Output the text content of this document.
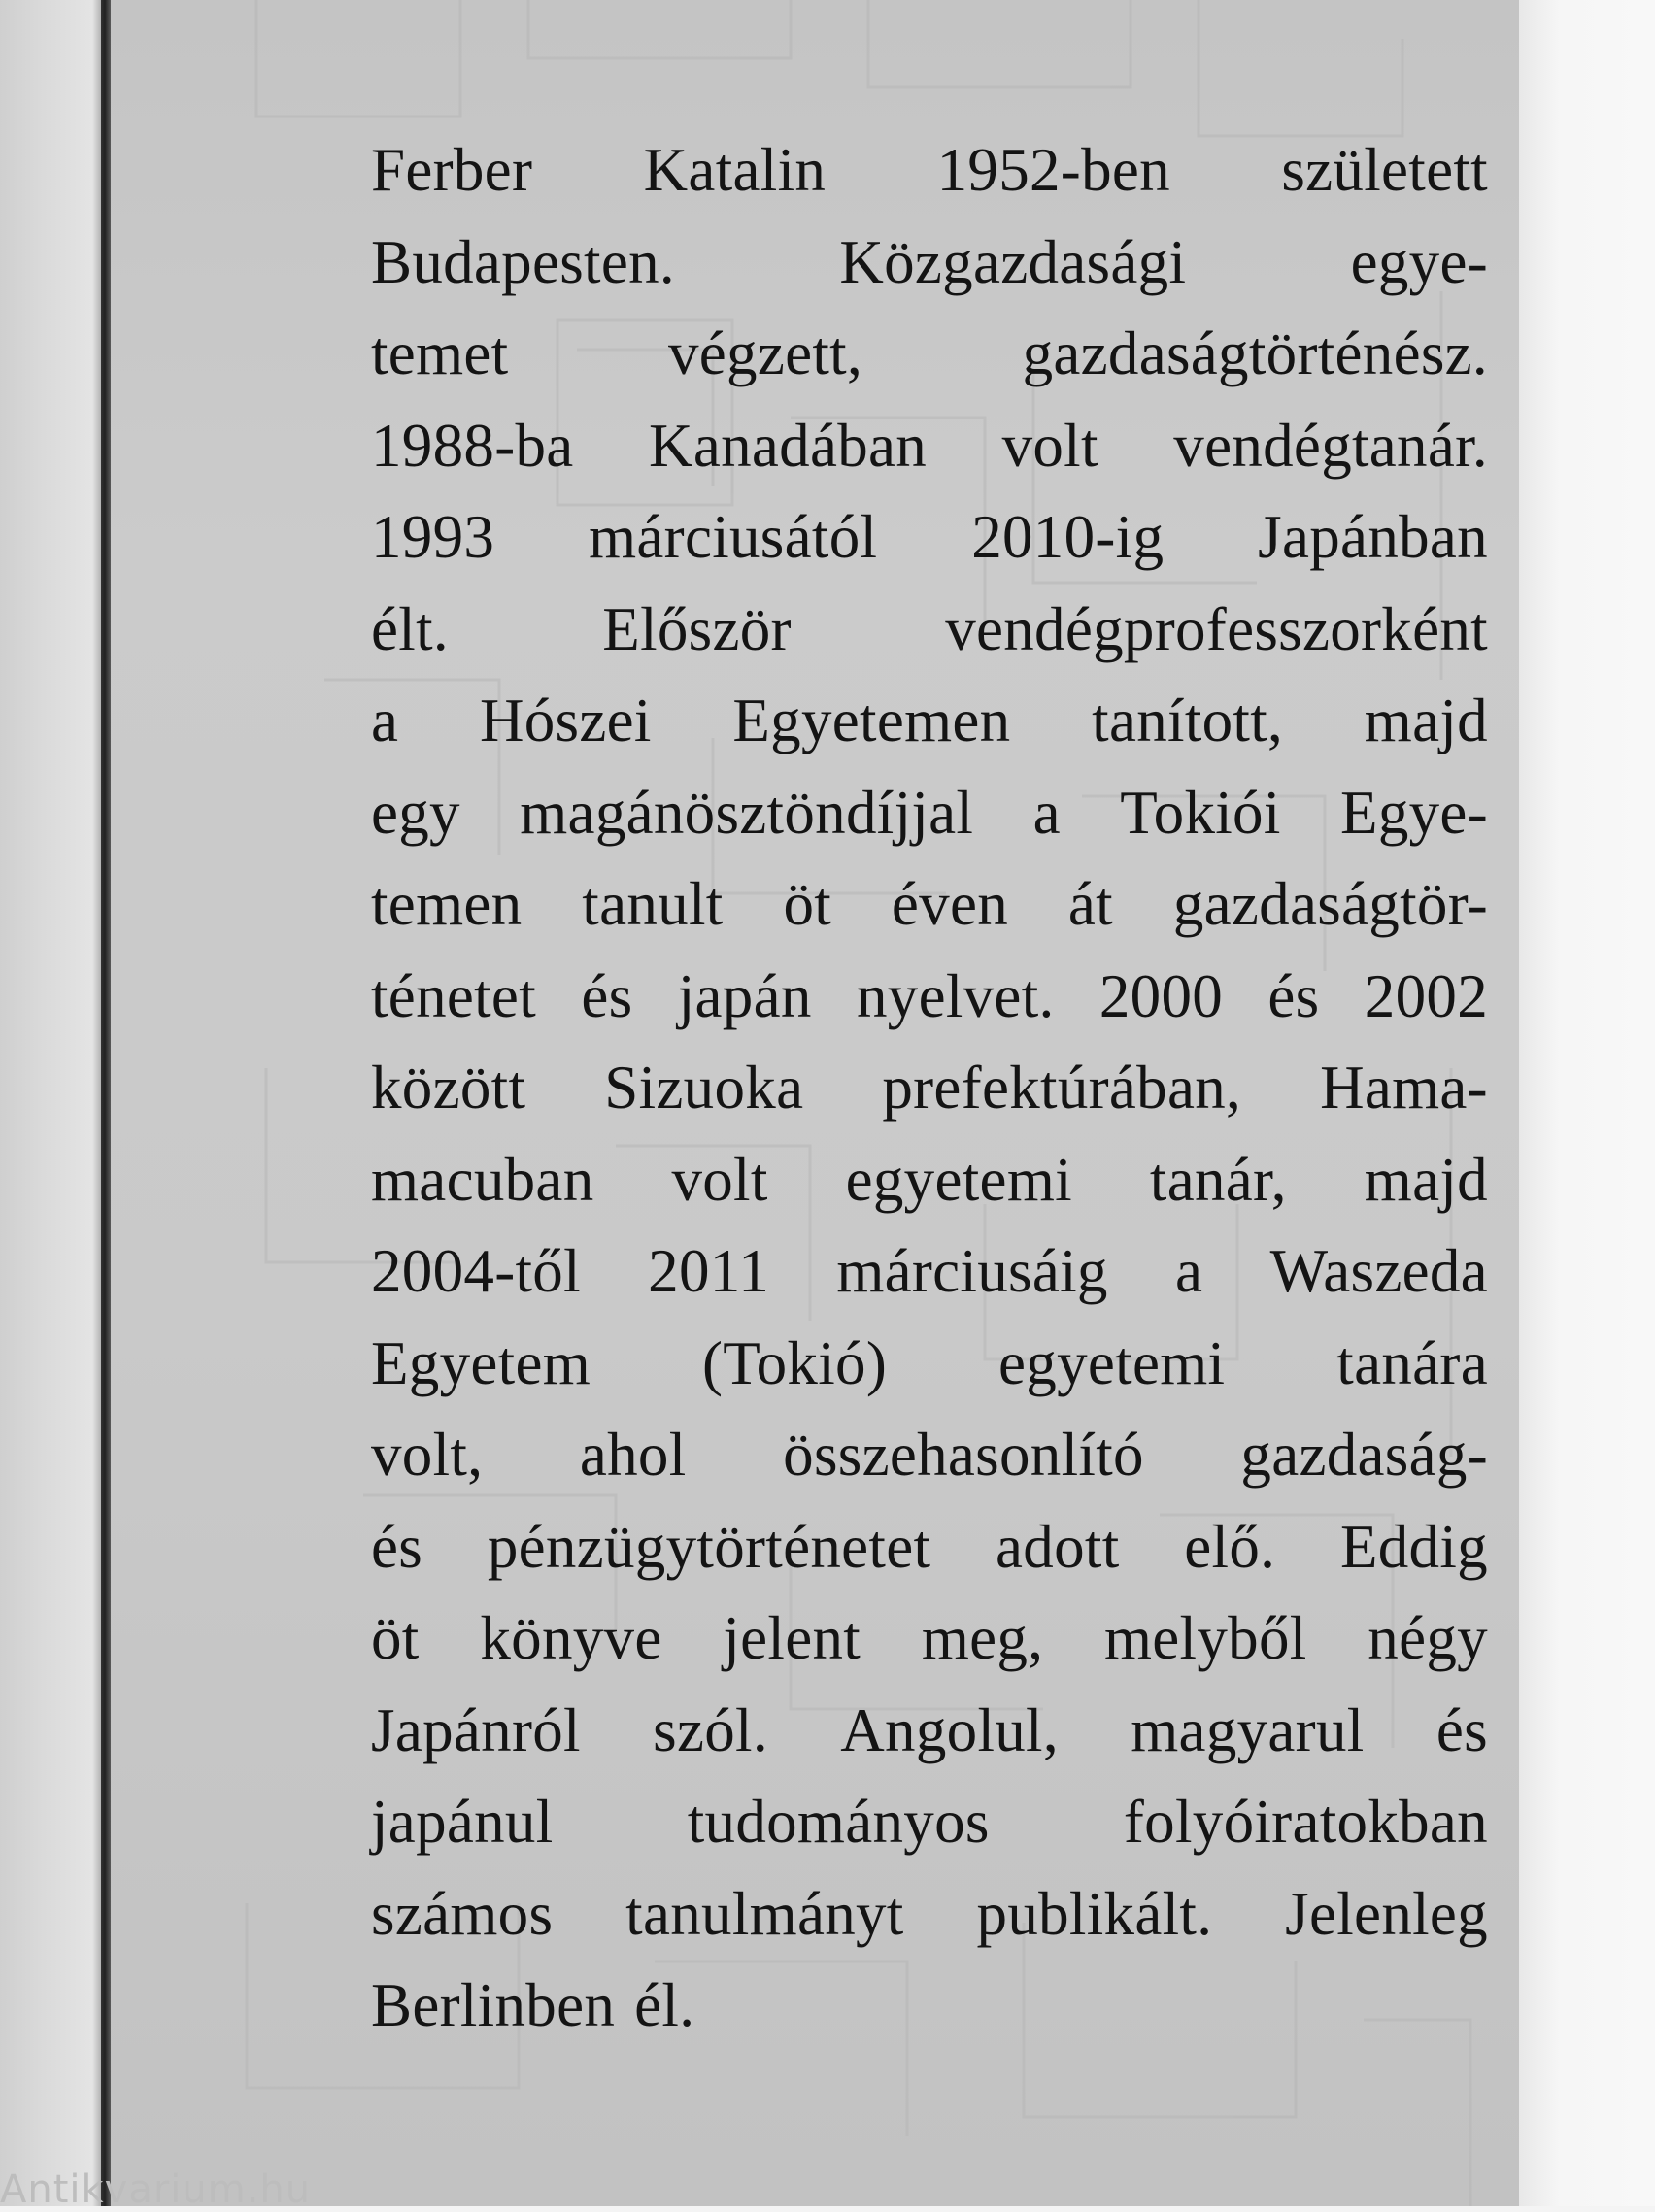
Ferber Katalin 1952-ben született
Budapesten.	Közgazdasági	egye-
temet	végzett,	gazdaságtörténész.
1988-ba Kanadában volt vendégtanár.
1993 márciusától 2010-ig Japánban
élt.	Először	vendégprofesszorként
a Hószei Egyetemen tanított, majd
egy magánösztöndíjjal a Tokiói Egye-
temen tanult öt éven át gazdaságtör-
ténetet és japán nyelvet. 2000 és 2002
között Sizuoka prefektúrában, Hama-
macuban volt egyetemi tanár, majd
2004-től 2011 márciusáig a Waszeda
Egyetem (Tokió) egyetemi tanára
volt, ahol összehasonlító gazdaság-
és pénzügytörténetet adott elő. Eddig
öt könyve jelent meg, melyből négy
Japánról szól. Angolul, magyarul és
japánul tudományos folyóiratokban
számos tanulmányt publikált. Jelenleg
Berlinben él.
Antikvarium.hu
